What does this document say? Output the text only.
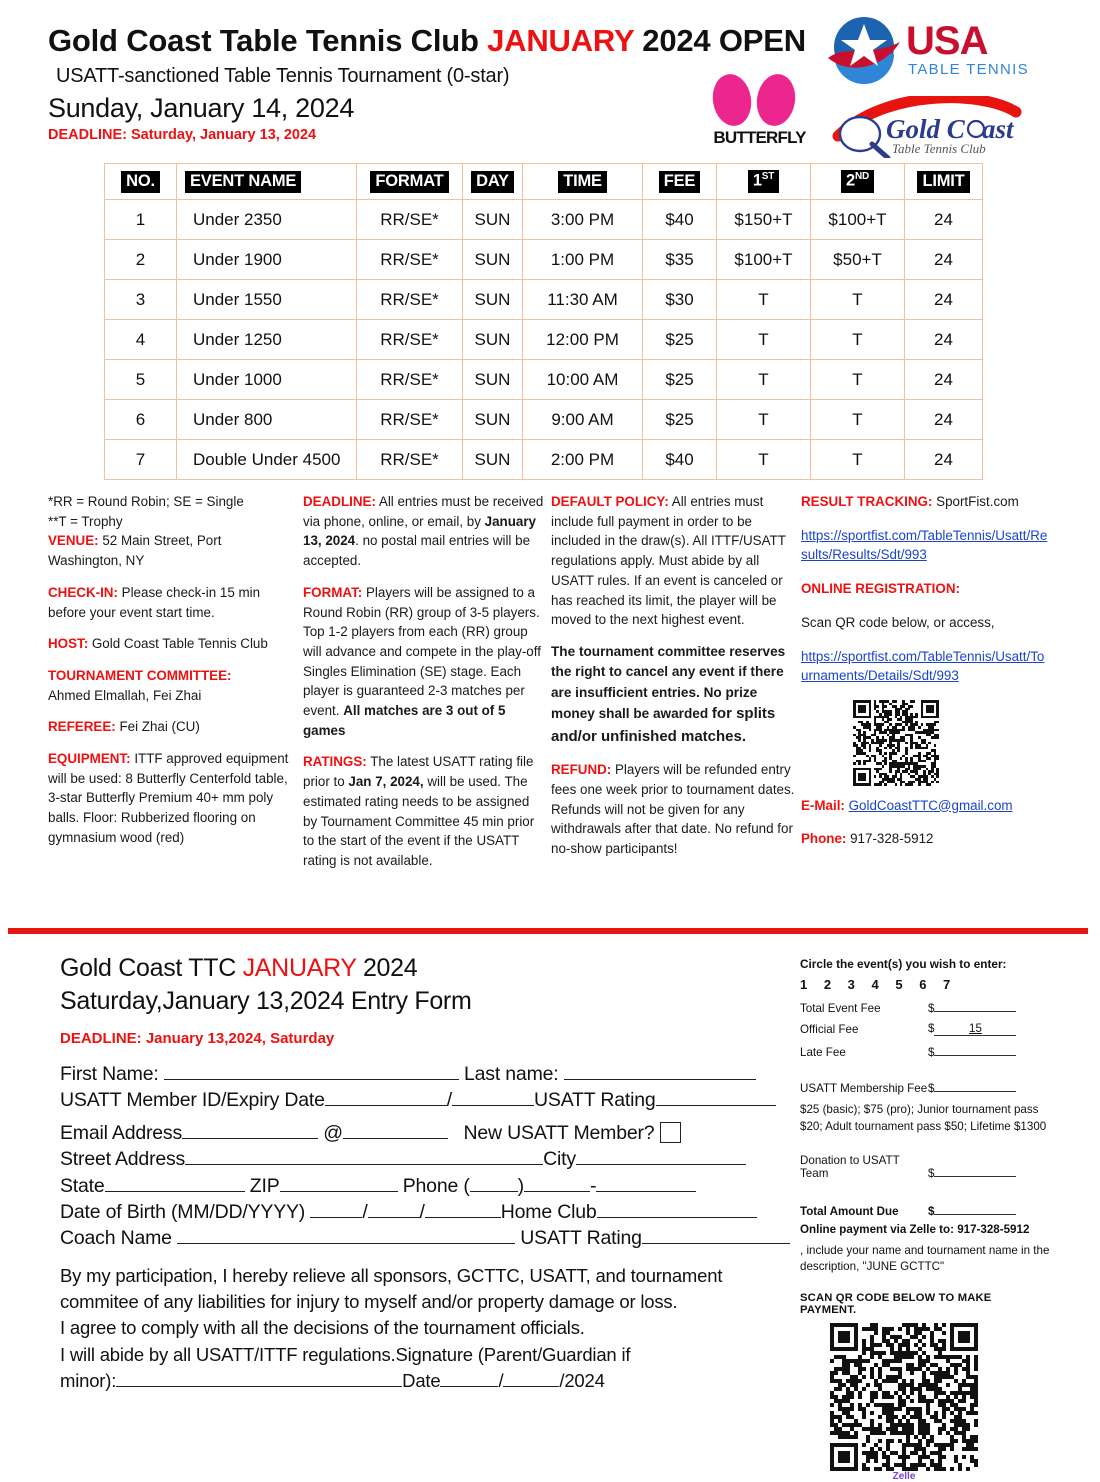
Gold Coast Table Tennis Club JANUARY 2024 OPEN
USATT-sanctioned Table Tennis Tournament (0-star)
Sunday, January 14, 2024
DEADLINE: Saturday, January 13, 2024
USA
TABLE TENNIS
BUTTERFLY	Gold C ast
Table Tennis Club
NO.	EVENT NAME	FORMAT	DAY	TIME	FEE	1ST	2ND	LIMIT
1	Under 2350	RR/SE*	SUN	3:00 PM	$40	$150+T	$100+T	24
2	Under 1900	RR/SE*	SUN	1:00 PM	$35	$100+T	$50+T	24
3	Under 1550	RR/SE*	SUN	11:30 AM	$30	T	T	24
4	Under 1250	RR/SE*	SUN	12:00 PM	$25	T	T	24
5	Under 1000	RR/SE*	SUN	10:00 AM	$25	T	T	24
6	Under 800	RR/SE*	SUN	9:00 AM	$25	T	T	24
7	Double Under 4500	RR/SE*	SUN	2:00 PM	$40	T	T	24

*RR = Round Robin; SE = Single
**T = Trophy
VENUE: 52 Main Street, Port Washington, NY

CHECK-IN: Please check-in 15 min before your event start time.

HOST: Gold Coast Table Tennis Club

TOURNAMENT COMMITTEE:
Ahmed Elmallah, Fei Zhai

REFEREE: Fei Zhai (CU)

EQUIPMENT: ITTF approved equipment will be used: 8 Butterfly Centerfold table, 3-star Butterfly Premium 40+ mm poly balls. Floor: Rubberized flooring on gymnasium wood (red)

DEADLINE: All entries must be received via phone, online, or email, by January 13, 2024. no postal mail entries will be accepted.

FORMAT: Players will be assigned to a Round Robin (RR) group of 3-5 players. Top 1-2 players from each (RR) group will advance and compete in the play-off Singles Elimination (SE) stage. Each player is guaranteed 2-3 matches per event. All matches are 3 out of 5 games

RATINGS: The latest USATT rating file prior to Jan 7, 2024, will be used. The estimated rating needs to be assigned by Tournament Committee 45 min prior to the start of the event if the USATT rating is not available.

DEFAULT POLICY: All entries must include full payment in order to be included in the draw(s). All ITTF/USATT regulations apply. Must abide by all USATT rules. If an event is canceled or has reached its limit, the player will be moved to the next highest event.

The tournament committee reserves the right to cancel any event if there are insufficient entries. No prize money shall be awarded for splits and/or unfinished matches.

REFUND: Players will be refunded entry fees one week prior to tournament dates. Refunds will not be given for any withdrawals after that date. No refund for no-show participants!

RESULT TRACKING: SportFist.com

https://sportfist.com/TableTennis/Usatt/Results/Results/Sdt/993

ONLINE REGISTRATION:

Scan QR code below, or access,

https://sportfist.com/TableTennis/Usatt/Tournaments/Details/Sdt/993

E-Mail: GoldCoastTTC@gmail.com

Phone: 917-328-5912

Gold Coast TTC JANUARY 2024
Saturday,January 13,2024 Entry Form
DEADLINE: January 13,2024, Saturday
First Name:	Last name:
USATT Member ID/Expiry Date	/	USATT Rating
Email Address	@	New USATT Member?
Street Address	City
State	ZIP	Phone ( )	-
Date of Birth (MM/DD/YYYY)	/	/	Home Club
Coach Name	USATT Rating
By my participation, I hereby relieve all sponsors, GCTTC, USATT, and tournament
commitee of any liabilities for injury to myself and/or property damage or loss.
I agree to comply with all the decisions of the tournament officials.
I will abide by all USATT/ITTF regulations.Signature (Parent/Guardian if
minor):	Date	/	/2024
Circle the event(s) you wish to enter:
1 2 3 4 5 6 7
Total Event Fee	$
Official Fee	$	15
Late Fee	$
USATT Membership Fee $
$25 (basic); $75 (pro); Junior tournament pass
$20; Adult tournament pass $50; Lifetime $1300
Donation to USATT Team	$
Total Amount Due	$
Online payment via Zelle to: 917-328-5912
, include your name and tournament name in the
description, "JUNE GCTTC"
SCAN QR CODE BELOW TO MAKE PAYMENT.
Zelle
